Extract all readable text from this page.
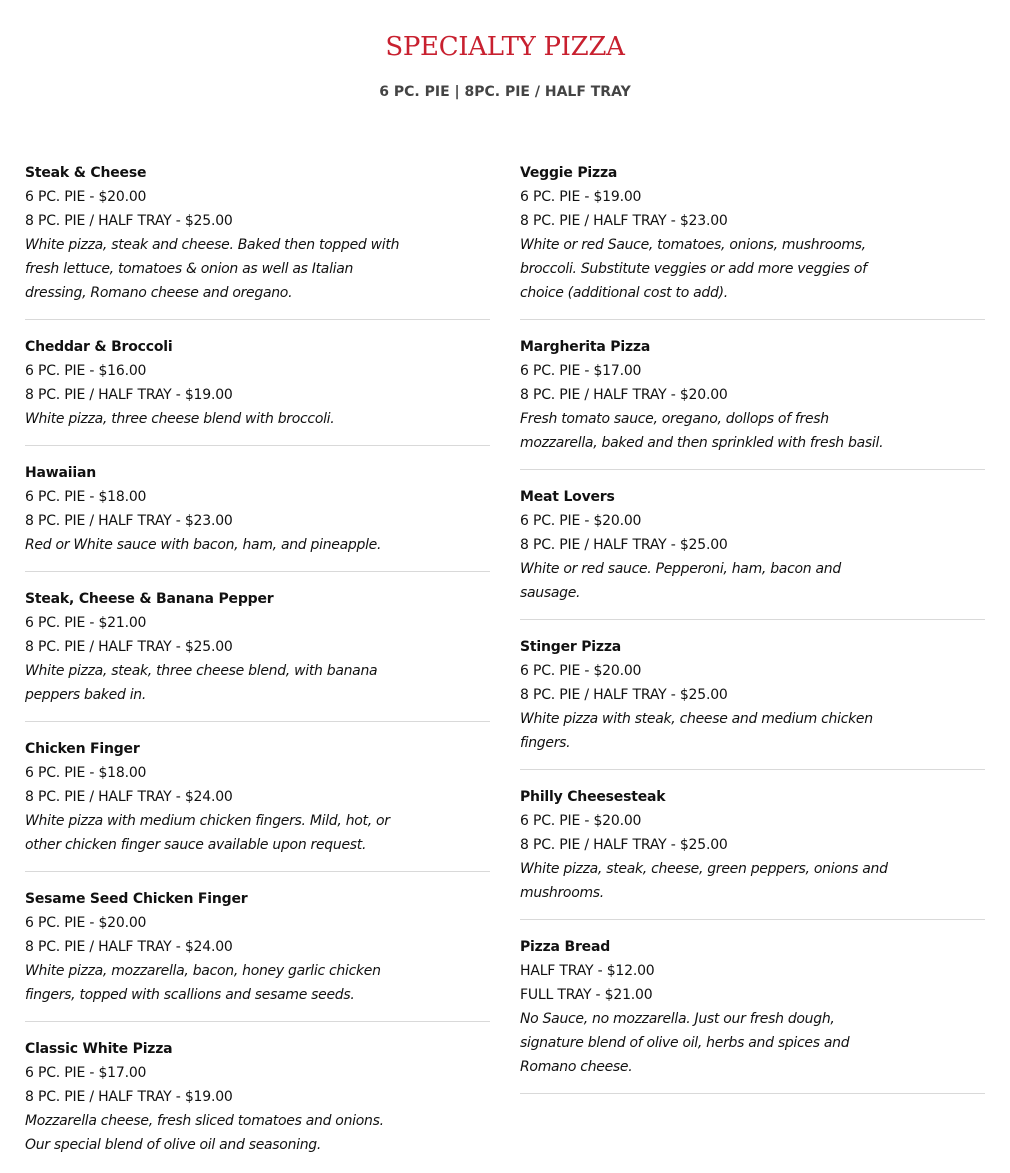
SPECIALTY PIZZA
6 PC. PIE | 8PC. PIE / HALF TRAY
Steak & Cheese
6 PC. PIE - $20.00
8 PC. PIE / HALF TRAY - $25.00
White pizza, steak and cheese. Baked then topped with fresh lettuce, tomatoes & onion as well as Italian dressing, Romano cheese and oregano.
Cheddar & Broccoli
6 PC. PIE - $16.00
8 PC. PIE / HALF TRAY - $19.00
White pizza, three cheese blend with broccoli.
Hawaiian
6 PC. PIE - $18.00
8 PC. PIE / HALF TRAY - $23.00
Red or White sauce with bacon, ham, and pineapple.
Steak, Cheese & Banana Pepper
6 PC. PIE - $21.00
8 PC. PIE / HALF TRAY - $25.00
White pizza, steak, three cheese blend, with banana peppers baked in.
Chicken Finger
6 PC. PIE - $18.00
8 PC. PIE / HALF TRAY - $24.00
White pizza with medium chicken fingers. Mild, hot, or other chicken finger sauce available upon request.
Sesame Seed Chicken Finger
6 PC. PIE - $20.00
8 PC. PIE / HALF TRAY - $24.00
White pizza, mozzarella, bacon, honey garlic chicken fingers, topped with scallions and sesame seeds.
Classic White Pizza
6 PC. PIE - $17.00
8 PC. PIE / HALF TRAY - $19.00
Mozzarella cheese, fresh sliced tomatoes and onions. Our special blend of olive oil and seasoning.
Veggie Pizza
6 PC. PIE - $19.00
8 PC. PIE / HALF TRAY - $23.00
White or red Sauce, tomatoes, onions, mushrooms, broccoli. Substitute veggies or add more veggies of choice (additional cost to add).
Margherita Pizza
6 PC. PIE - $17.00
8 PC. PIE / HALF TRAY - $20.00
Fresh tomato sauce, oregano, dollops of fresh mozzarella, baked and then sprinkled with fresh basil.
Meat Lovers
6 PC. PIE - $20.00
8 PC. PIE / HALF TRAY - $25.00
White or red sauce. Pepperoni, ham, bacon and sausage.
Stinger Pizza
6 PC. PIE - $20.00
8 PC. PIE / HALF TRAY - $25.00
White pizza with steak, cheese and medium chicken fingers.
Philly Cheesesteak
6 PC. PIE - $20.00
8 PC. PIE / HALF TRAY - $25.00
White pizza, steak, cheese, green peppers, onions and mushrooms.
Pizza Bread
HALF TRAY - $12.00
FULL TRAY - $21.00
No Sauce, no mozzarella. Just our fresh dough, signature blend of olive oil, herbs and spices and Romano cheese.
